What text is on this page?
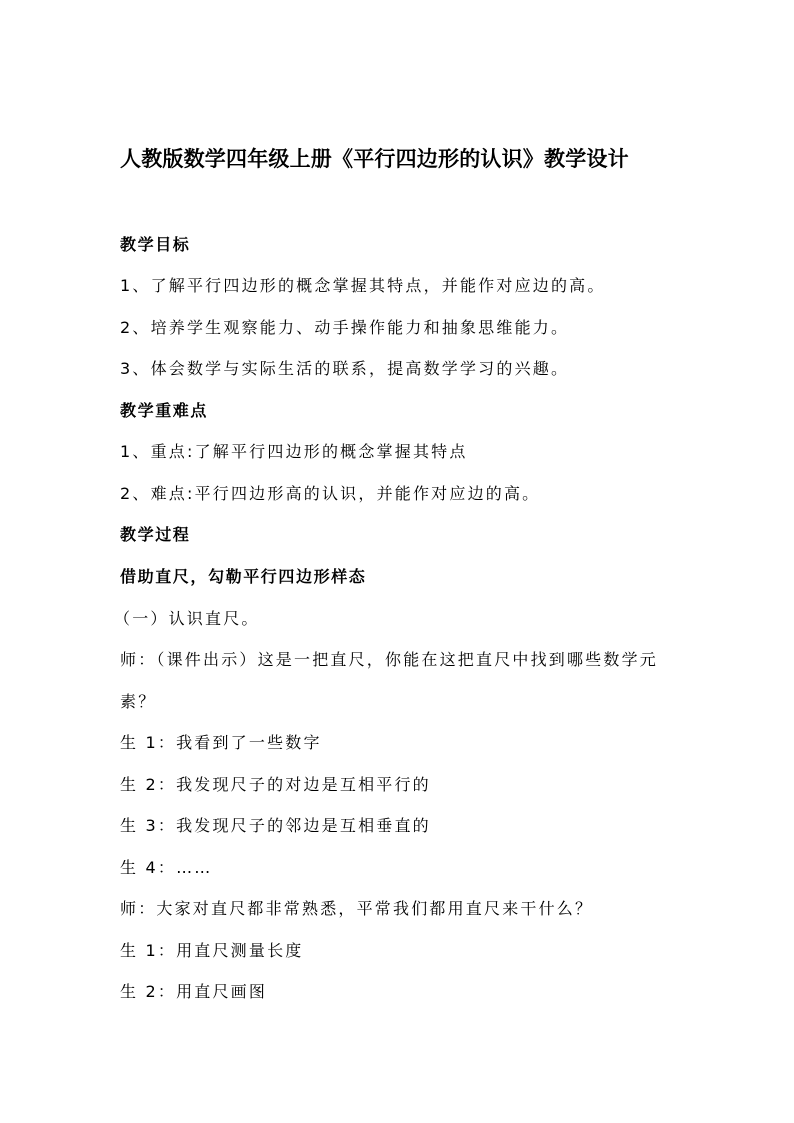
人教版数学四年级上册《平行四边形的认识》教学设计
教学目标
1、了解平行四边形的概念掌握其特点，并能作对应边的高。
2、培养学生观察能力、动手操作能力和抽象思维能力。
3、体会数学与实际生活的联系，提高数学学习的兴趣。
教学重难点
1、重点:了解平行四边形的概念掌握其特点
2、难点:平行四边形高的认识，并能作对应边的高。
教学过程
借助直尺，勾勒平行四边形样态
（一）认识直尺。
师：（课件出示）这是一把直尺，你能在这把直尺中找到哪些数学元
素？
生 1：我看到了一些数字
生 2：我发现尺子的对边是互相平行的
生 3：我发现尺子的邻边是互相垂直的
生 4：……
师：大家对直尺都非常熟悉，平常我们都用直尺来干什么？
生 1：用直尺测量长度
生 2：用直尺画图
